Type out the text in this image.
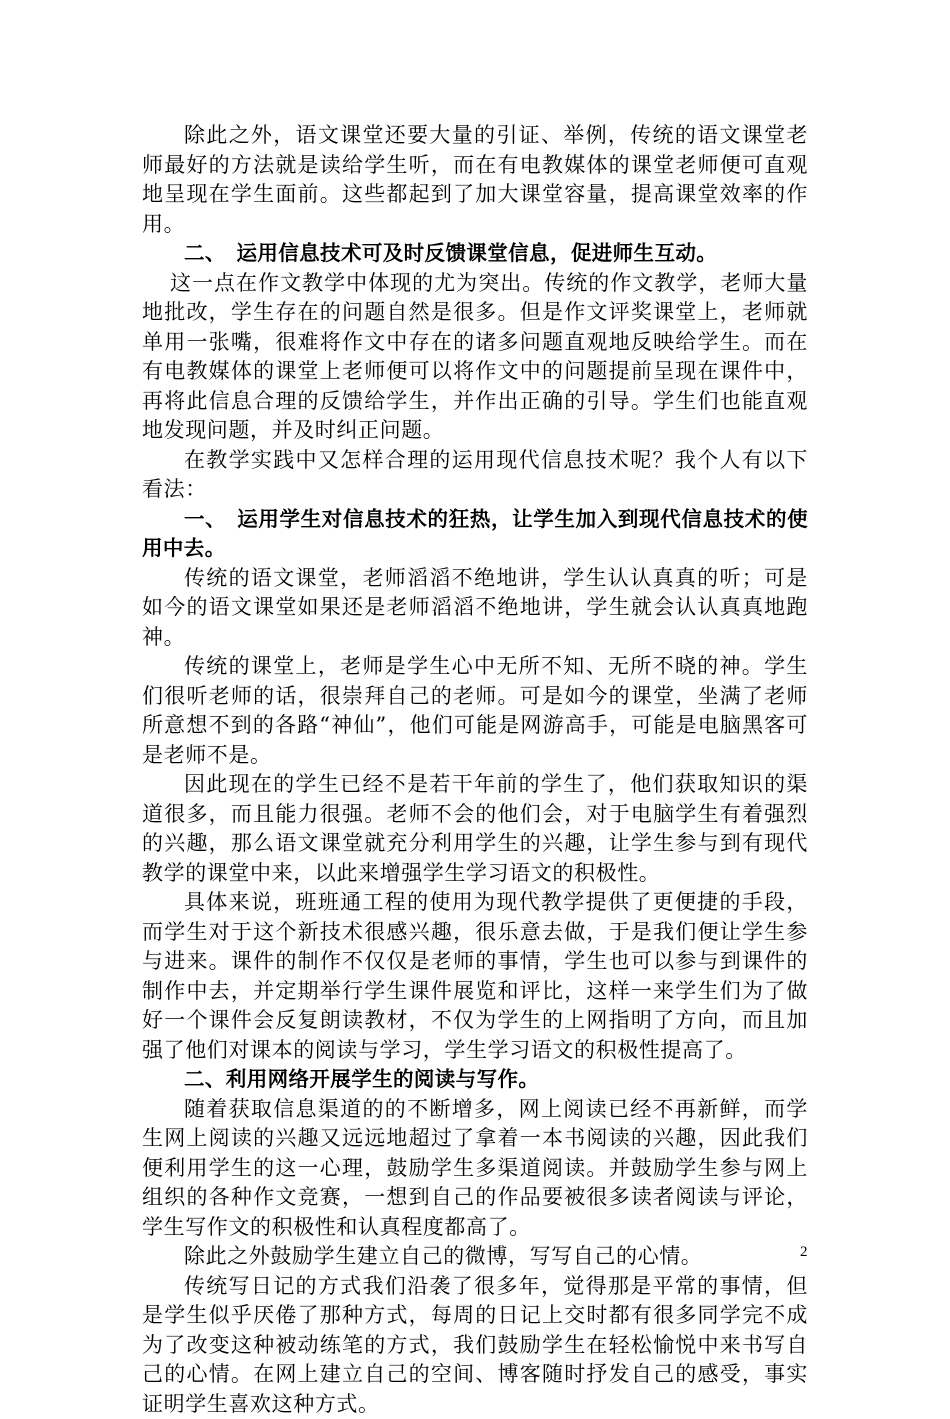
除此之外，语文课堂还要大量的引证、举例，传统的语文课堂老师最好的方法就是读给学生听，而在有电教媒体的课堂老师便可直观地呈现在学生面前。这些都起到了加大课堂容量，提高课堂效率的作用。

二、　运用信息技术可及时反馈课堂信息，促进师生互动。

这一点在作文教学中体现的尤为突出。传统的作文教学，老师大量地批改，学生存在的问题自然是很多。但是作文评奖课堂上，老师就单用一张嘴，很难将作文中存在的诸多问题直观地反映给学生。而在有电教媒体的课堂上老师便可以将作文中的问题提前呈现在课件中，再将此信息合理的反馈给学生，并作出正确的引导。学生们也能直观地发现问题，并及时纠正问题。

在教学实践中又怎样合理的运用现代信息技术呢？我个人有以下看法：

一、　运用学生对信息技术的狂热，让学生加入到现代信息技术的使用中去。

传统的语文课堂，老师滔滔不绝地讲，学生认认真真的听；可是如今的语文课堂如果还是老师滔滔不绝地讲，学生就会认认真真地跑神。

传统的课堂上，老师是学生心中无所不知、无所不晓的神。学生们很听老师的话，很崇拜自己的老师。可是如今的课堂，坐满了老师所意想不到的各路“神仙”，他们可能是网游高手，可能是电脑黑客可是老师不是。

因此现在的学生已经不是若干年前的学生了，他们获取知识的渠道很多，而且能力很强。老师不会的他们会，对于电脑学生有着强烈的兴趣，那么语文课堂就充分利用学生的兴趣，让学生参与到有现代教学的课堂中来，以此来增强学生学习语文的积极性。

具体来说，班班通工程的使用为现代教学提供了更便捷的手段，而学生对于这个新技术很感兴趣，很乐意去做，于是我们便让学生参与进来。课件的制作不仅仅是老师的事情，学生也可以参与到课件的制作中去，并定期举行学生课件展览和评比，这样一来学生们为了做好一个课件会反复朗读教材，不仅为学生的上网指明了方向，而且加强了他们对课本的阅读与学习，学生学习语文的积极性提高了。

二、利用网络开展学生的阅读与写作。

随着获取信息渠道的的不断增多，网上阅读已经不再新鲜，而学生网上阅读的兴趣又远远地超过了拿着一本书阅读的兴趣，因此我们便利用学生的这一心理，鼓励学生多渠道阅读。并鼓励学生参与网上组织的各种作文竞赛，一想到自己的作品要被很多读者阅读与评论，学生写作文的积极性和认真程度都高了。

除此之外鼓励学生建立自己的微博，写写自己的心情。

传统写日记的方式我们沿袭了很多年，觉得那是平常的事情，但是学生似乎厌倦了那种方式，每周的日记上交时都有很多同学完不成为了改变这种被动练笔的方式，我们鼓励学生在轻松愉悦中来书写自己的心情。在网上建立自己的空间、博客随时抒发自己的感受，事实证明学生喜欢这种方式。

2
